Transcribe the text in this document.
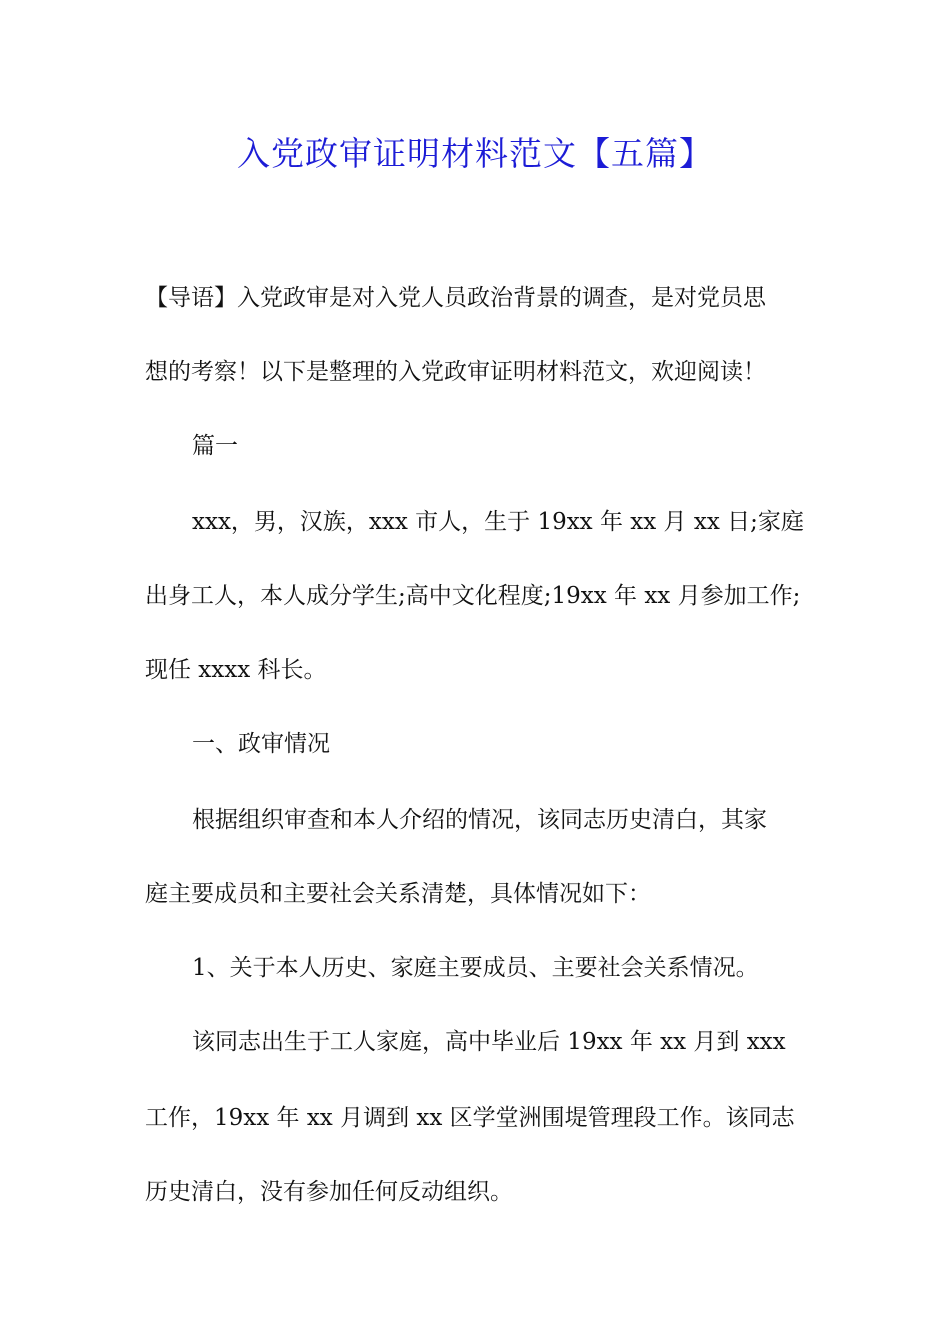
入党政审证明材料范文【五篇】

【导语】入党政审是对入党人员政治背景的调查，是对党员思

想的考察！以下是整理的入党政审证明材料范文，欢迎阅读！

篇一

xxx，男，汉族，xxx 市人，生于 19xx 年 xx 月 xx 日;家庭

出身工人，本人成分学生;高中文化程度;19xx 年 xx 月参加工作;

现任 xxxx 科长。

一、政审情况

根据组织审查和本人介绍的情况，该同志历史清白，其家

庭主要成员和主要社会关系清楚，具体情况如下：

1、关于本人历史、家庭主要成员、主要社会关系情况。

该同志出生于工人家庭，高中毕业后 19xx 年 xx 月到 xxx

工作，19xx 年 xx 月调到 xx 区学堂洲围堤管理段工作。该同志

历史清白，没有参加任何反动组织。
